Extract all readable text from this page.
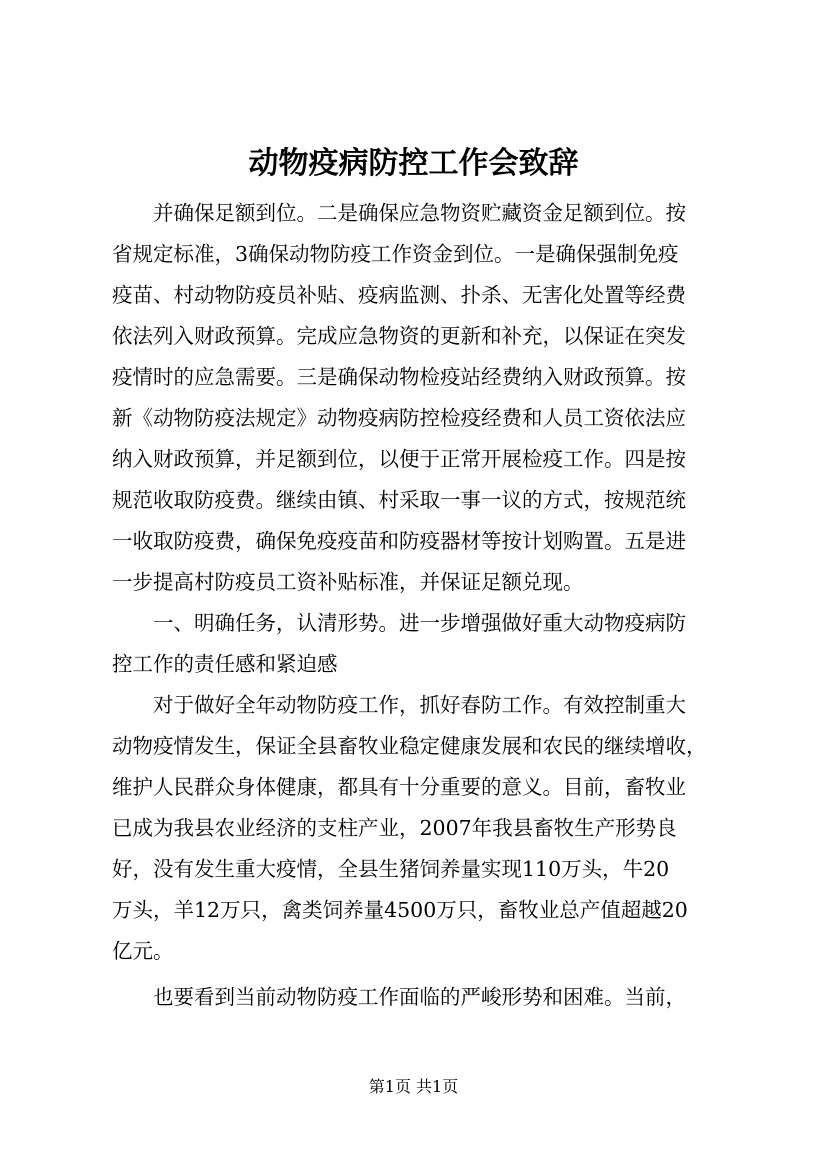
动物疫病防控工作会致辞
　　并确保足额到位。二是确保应急物资贮藏资金足额到位。按
省规定标准，3确保动物防疫工作资金到位。一是确保强制免疫
疫苗、村动物防疫员补贴、疫病监测、扑杀、无害化处置等经费
依法列入财政预算。完成应急物资的更新和补充，以保证在突发
疫情时的应急需要。三是确保动物检疫站经费纳入财政预算。按
新《动物防疫法规定》动物疫病防控检疫经费和人员工资依法应
纳入财政预算，并足额到位，以便于正常开展检疫工作。四是按
规范收取防疫费。继续由镇、村采取一事一议的方式，按规范统
一收取防疫费，确保免疫疫苗和防疫器材等按计划购置。五是进
一步提高村防疫员工资补贴标准，并保证足额兑现。
　　一、明确任务，认清形势。进一步增强做好重大动物疫病防
控工作的责任感和紧迫感
　　对于做好全年动物防疫工作，抓好春防工作。有效控制重大
动物疫情发生，保证全县畜牧业稳定健康发展和农民的继续增收，
维护人民群众身体健康，都具有十分重要的意义。目前，畜牧业
已成为我县农业经济的支柱产业，2007年我县畜牧生产形势良
好，没有发生重大疫情，全县生猪饲养量实现110万头，牛20
万头，羊12万只，禽类饲养量4500万只，畜牧业总产值超越20
亿元。
　　也要看到当前动物防疫工作面临的严峻形势和困难。当前，
第1页 共1页
